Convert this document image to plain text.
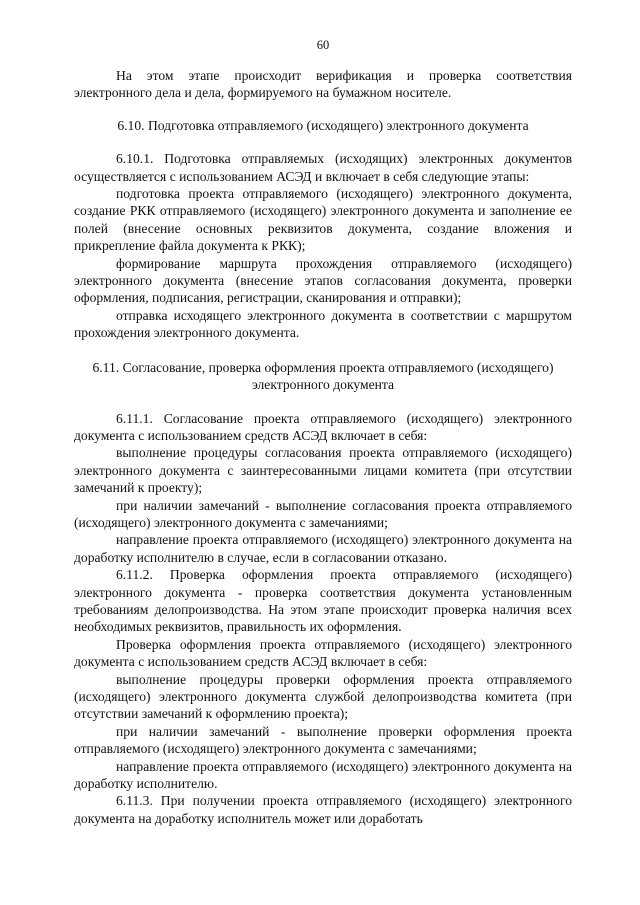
60

На этом этапе происходит верификация и проверка соответствия электронного дела и дела, формируемого на бумажном носителе.

6.10. Подготовка отправляемого (исходящего) электронного документа

6.10.1. Подготовка отправляемых (исходящих) электронных документов осуществляется с использованием АСЭД и включает в себя следующие этапы:

подготовка проекта отправляемого (исходящего) электронного документа, создание РКК отправляемого (исходящего) электронного документа и заполнение ее полей (внесение основных реквизитов документа, создание вложения и прикрепление файла документа к РКК);

формирование маршрута прохождения отправляемого (исходящего) электронного документа (внесение этапов согласования документа, проверки оформления, подписания, регистрации, сканирования и отправки);

отправка исходящего электронного документа в соответствии с маршрутом прохождения электронного документа.

6.11. Согласование, проверка оформления проекта отправляемого (исходящего) электронного документа

6.11.1. Согласование проекта отправляемого (исходящего) электронного документа с использованием средств АСЭД включает в себя:

выполнение процедуры согласования проекта отправляемого (исходящего) электронного документа с заинтересованными лицами комитета (при отсутствии замечаний к проекту);

при наличии замечаний - выполнение согласования проекта отправляемого (исходящего) электронного документа с замечаниями;

направление проекта отправляемого (исходящего) электронного документа на доработку исполнителю в случае, если в согласовании отказано.

6.11.2. Проверка оформления проекта отправляемого (исходящего) электронного документа - проверка соответствия документа установленным требованиям делопроизводства. На этом этапе происходит проверка наличия всех необходимых реквизитов, правильность их оформления.

Проверка оформления проекта отправляемого (исходящего) электронного документа с использованием средств АСЭД включает в себя:

выполнение процедуры проверки оформления проекта отправляемого (исходящего) электронного документа службой делопроизводства комитета (при отсутствии замечаний к оформлению проекта);

при наличии замечаний - выполнение проверки оформления проекта отправляемого (исходящего) электронного документа с замечаниями;

направление проекта отправляемого (исходящего) электронного документа на доработку исполнителю.

6.11.3. При получении проекта отправляемого (исходящего) электронного документа на доработку исполнитель может или доработать
